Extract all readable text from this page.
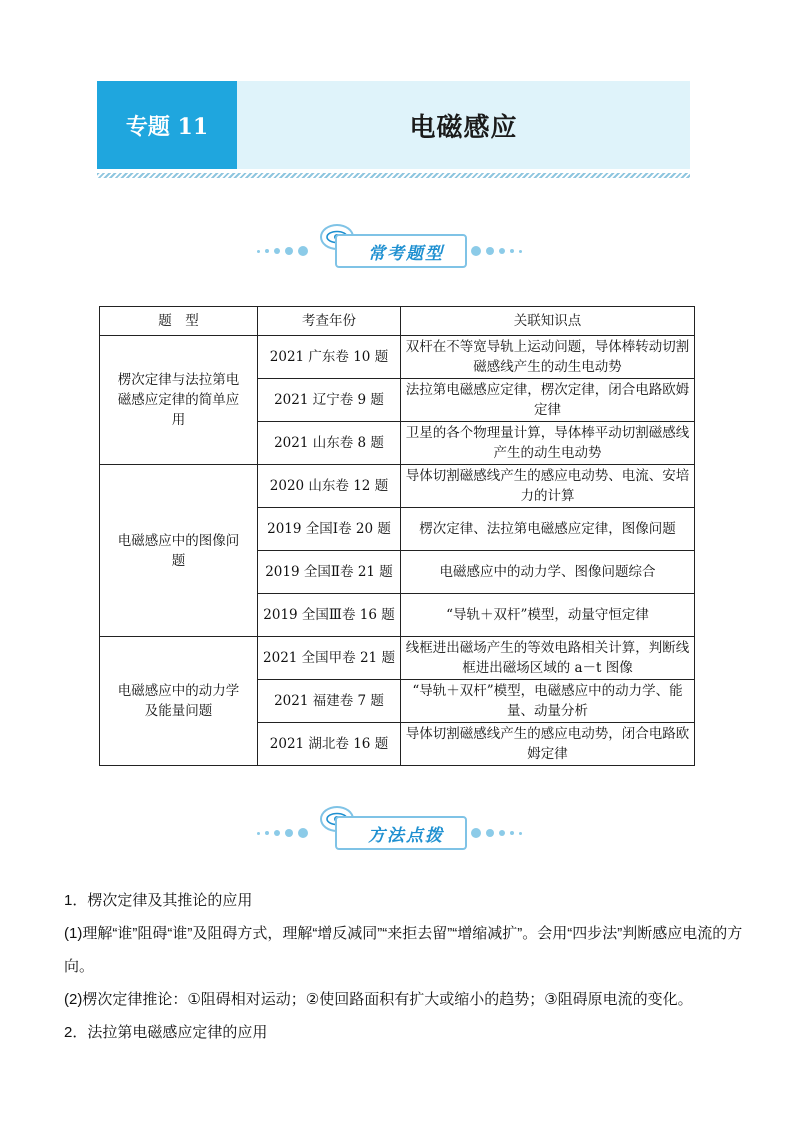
专题 11	电磁感应
常考题型
题　型	考查年份	关联知识点
楞次定律与法拉第电磁感应定律的简单应用	2021 广东卷 10 题	双杆在不等宽导轨上运动问题，导体棒转动切割磁感线产生的动生电动势
	2021 辽宁卷 9 题	法拉第电磁感应定律，楞次定律，闭合电路欧姆定律
	2021 山东卷 8 题	卫星的各个物理量计算，导体棒平动切割磁感线产生的动生电动势
电磁感应中的图像问题	2020 山东卷 12 题	导体切割磁感线产生的感应电动势、电流、安培力的计算
	2019 全国Ⅰ卷 20 题	楞次定律、法拉第电磁感应定律，图像问题
	2019 全国Ⅱ卷 21 题	电磁感应中的动力学、图像问题综合
	2019 全国Ⅲ卷 16 题	“导轨＋双杆”模型，动量守恒定律
电磁感应中的动力学及能量问题	2021 全国甲卷 21 题	线框进出磁场产生的等效电路相关计算，判断线框进出磁场区域的 a－t 图像
	2021 福建卷 7 题	“导轨＋双杆”模型，电磁感应中的动力学、能量、动量分析
	2021 湖北卷 16 题	导体切割磁感线产生的感应电动势，闭合电路欧姆定律
方法点拨

1．楞次定律及其推论的应用

(1)理解“谁”阻碍“谁”及阻碍方式，理解“增反减同”“来拒去留”“增缩减扩”。会用“四步法”判断感应电流的方向。

(2)楞次定律推论：①阻碍相对运动；②使回路面积有扩大或缩小的趋势；③阻碍原电流的变化。

2．法拉第电磁感应定律的应用
